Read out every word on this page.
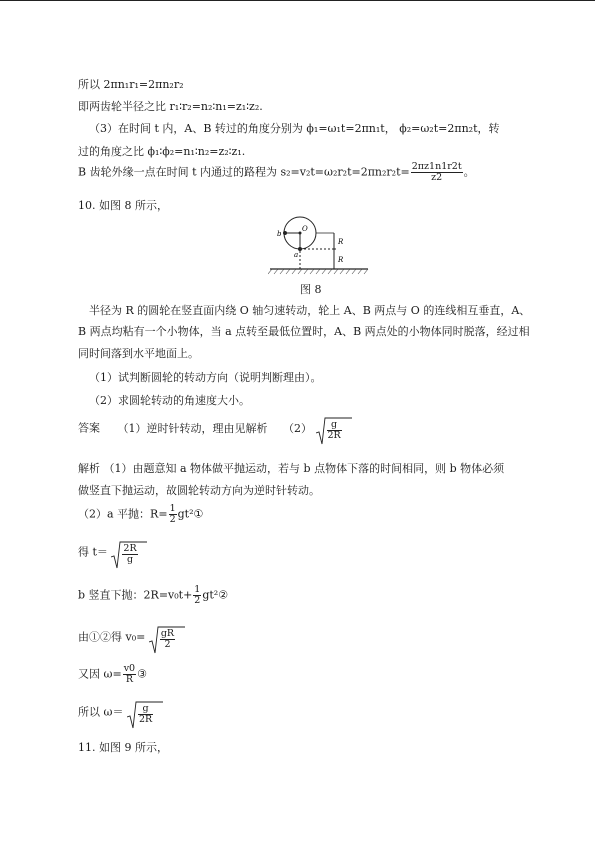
所以 2πn₁r₁=2πn₂r₂
即两齿轮半径之比 r₁∶r₂=n₂∶n₁=z₁∶z₂.
（3）在时间 t 内，A、B 转过的角度分别为 ϕ₁=ω₁t=2πn₁t， ϕ₂=ω₂t=2πn₂t，转
过的角度之比 ϕ₁∶ϕ₂=n₁∶n₂=z₂∶z₁.
B 齿轮外缘一点在时间 t 内通过的路程为 $s_2=v_2t=\omega_2r_2t=2\pi n_2r_2t= \frac{2\pi z1n1r2t}{z2}$ 。
10. 如图 8 所示，
b
O
a
R
R
图 8
半径为 R 的圆轮在竖直面内绕 O 轴匀速转动，轮上 A、B 两点与 O 的连线相互垂直，A、
B 两点均粘有一个小物体，当 a 点转至最低位置时，A、B 两点处的小物体同时脱落，经过相
同时间落到水平地面上。
（1）试判断圆轮的转动方向（说明判断理由）。
（2）求圆轮转动的角速度大小。
答案 （1）逆时针转动，理由见解析 $(2) \frac{g}{2R}$
解析 （1）由题意知 a 物体做平抛运动，若与 b 点物体下落的时间相同，则 b 物体必须
做竖直下抛运动，故圆轮转动方向为逆时针转动。
（2）a 平抛：$R= \frac{1}{2}$ gt²①
得 $t= \frac{2R}{g}$
b 竖直下抛：$2R=v_0t+ \frac{1}{2}$ gt²②
由①②得 $v_0= \frac{gR}{2}$
又因 $\omega= \frac{v0}{R}$ ③
所以 $\omega= \frac{g}{2R}$
11. 如图 9 所示，
